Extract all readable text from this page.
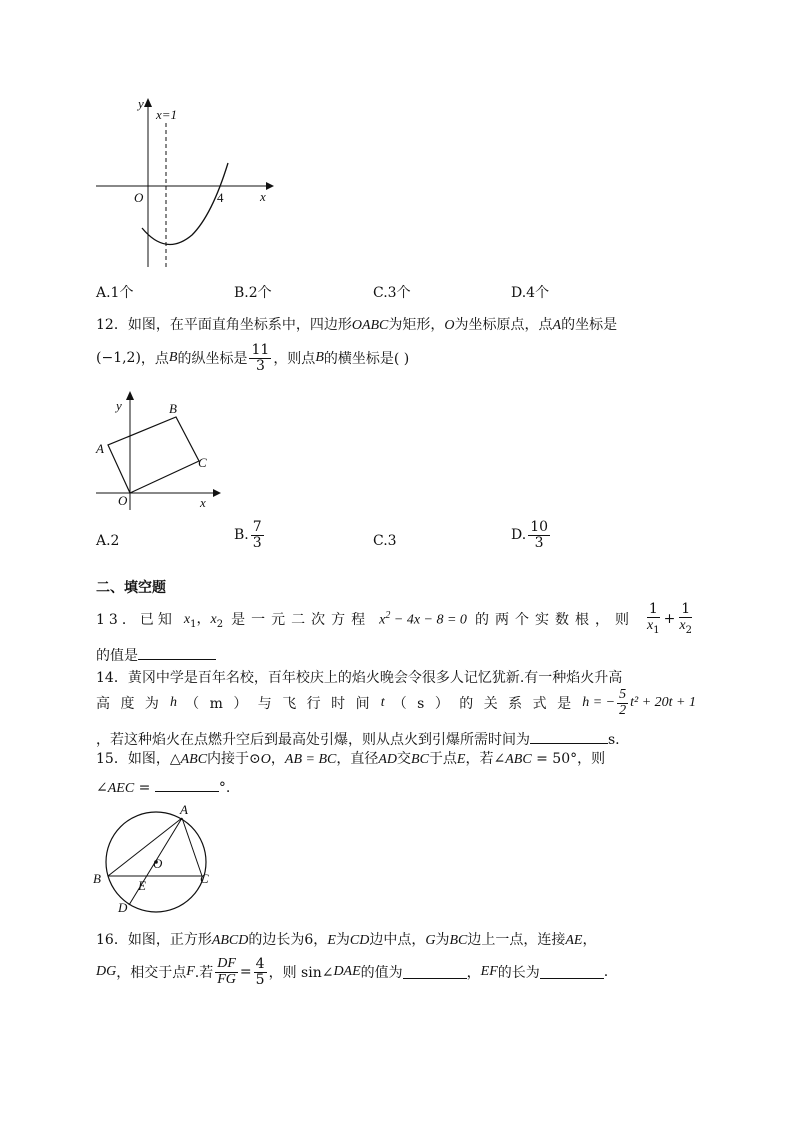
y
x=1
O	4	x
A.1个	B.2个	C.3个	D.4个
12．如图，在平面直角坐标系中，四边形OABC为矩形，O为坐标原点，点A的坐标是
(−1,2) ，点 B 的纵坐标是 $\frac{11}{3}$ ，则点 B 的横坐标是( )
y	B
A
C
O	x
A.2	B. $\frac{7}{3}$	C.3	D. $\frac{10}{3}$
二、填空题
13．已知 $x_1$，$x_2$ 是一元二次方程 $x^2 - 4x - 8 = 0$ 的两个实数根，则 $\frac{1}{x_1} + \frac{1}{x_2}$
的值是
14．黄冈中学是百年名校，百年校庆上的焰火晚会令很多人记忆犹新.有一种焰火升高
高 度 为 h （ m ） 与 飞 行 时 间 t （ s ） 的 关 系 式 是 h = − $\frac{5}{2} t^2 + 20t + 1$
，若这种焰火在点燃升空后到最高处引爆，则从点火到引爆所需时间为	s.
15．如图，△ABC内接于⊙O，AB = BC，直径AD交BC于点E，若∠ABC = 50°，则
∠AEC =	°.
A
O
B	C
E
D
16．如图，正方形ABCD的边长为6，E为CD边中点，G为BC边上一点，连接AE，
DG ，相交于点 F .若 $\frac{DF}{FG} = \frac{4}{5}$ ，则 sin∠ DAE 的值为	， EF 的长为	.
